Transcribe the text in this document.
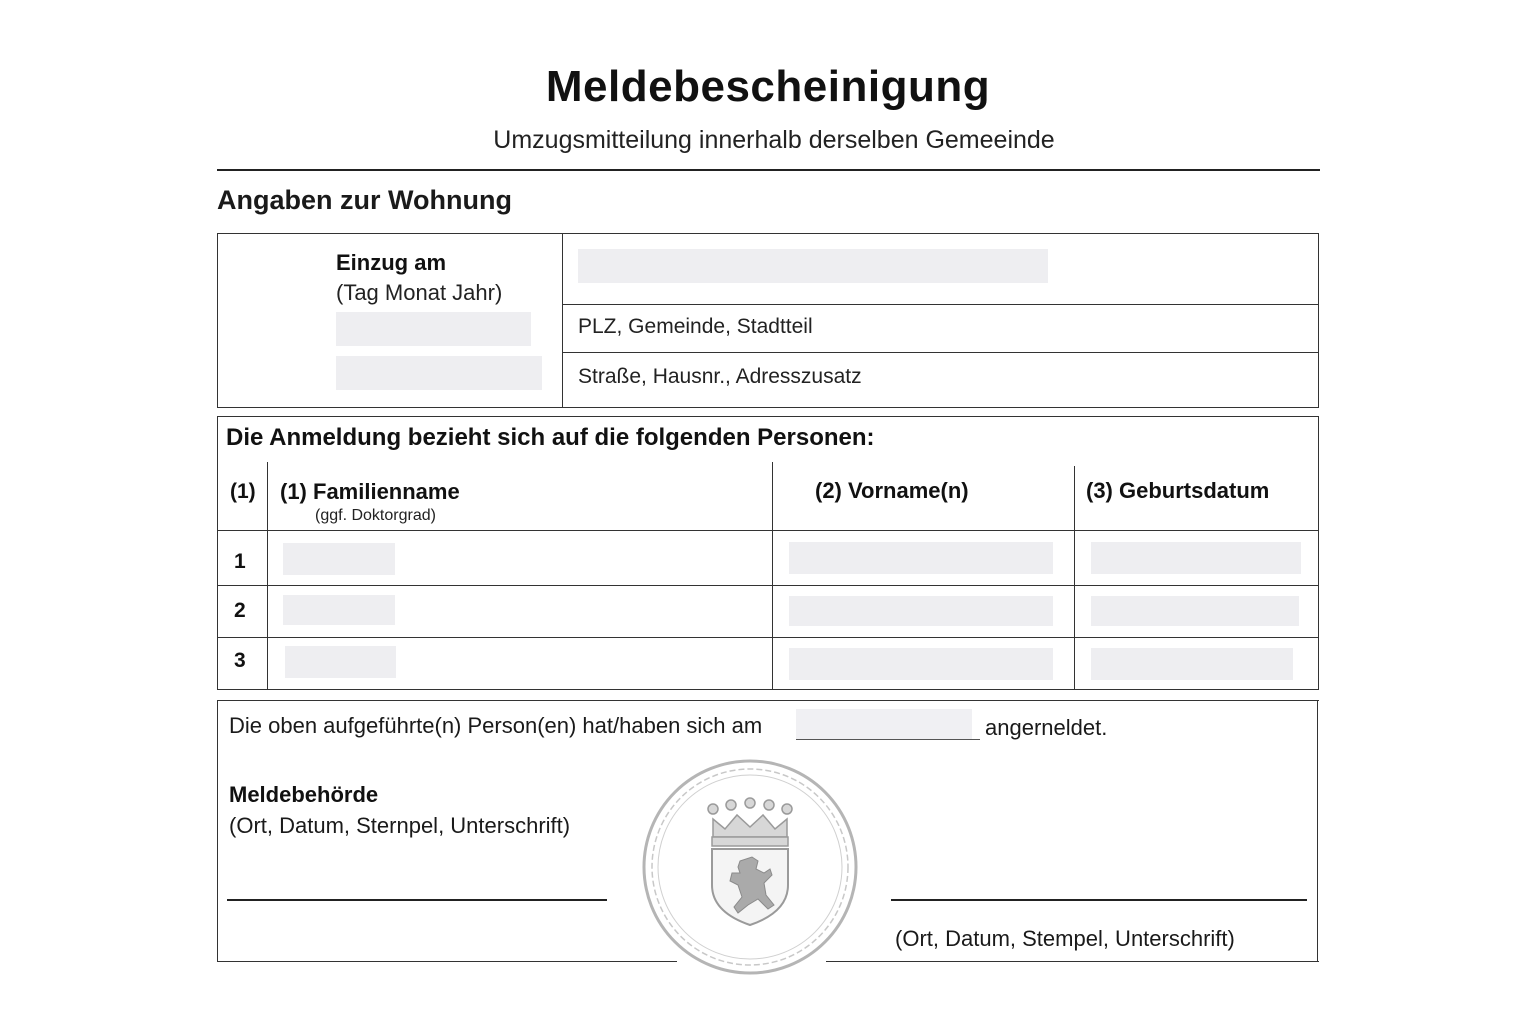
Meldebescheinigung
Umzugsmitteilung innerhalb derselben Gemeeinde
Angaben zur Wohnung
Einzug am
(Tag Monat Jahr)
PLZ, Gemeinde, Stadtteil
Straße, Hausnr., Adresszusatz
Die Anmeldung bezieht sich auf die folgenden Personen:
(1) (1) Familienname
(ggf. Doktorgrad)
(2) Vorname(n)	(3) Geburtsdatum
1
2
3
Die oben aufgeführte(n) Person(en) hat/haben sich am	angerneldet.
Meldebehörde
(Ort, Datum, Sternpel, Unterschrift)
(Ort, Datum, Stempel, Unterschrift)
